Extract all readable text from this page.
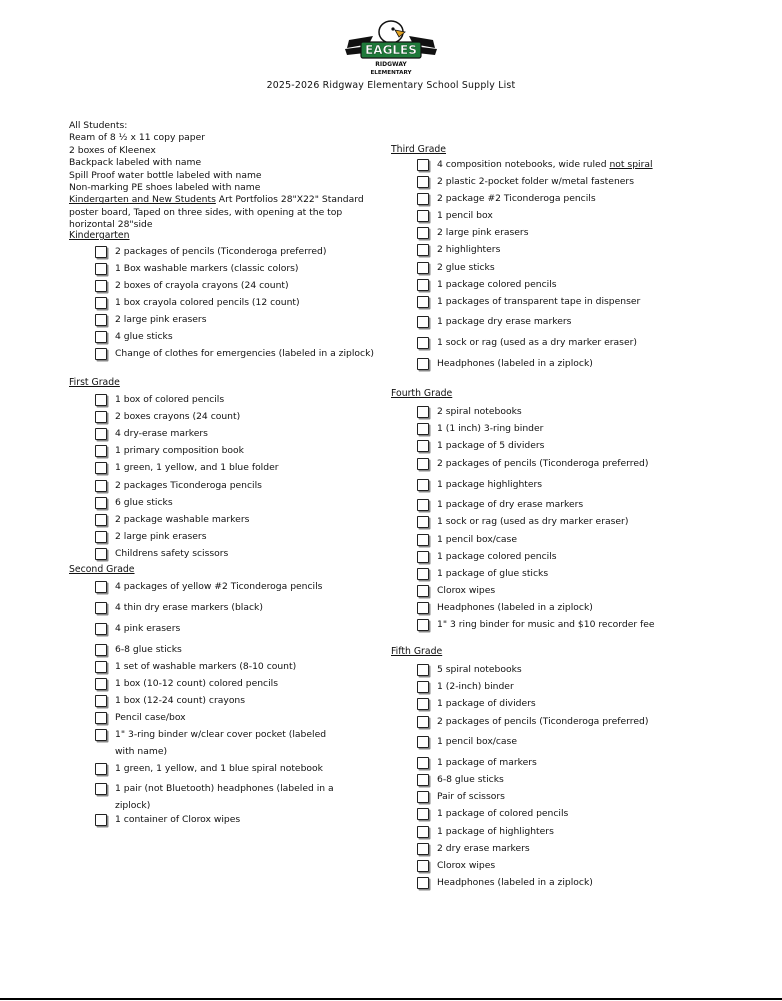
EAGLES
RIDGWAY
ELEMENTARY
2025-2026 Ridgway Elementary School Supply List
All Students:
Ream of 8 ½ x 11 copy paper
2 boxes of Kleenex
Backpack labeled with name
Spill Proof water bottle labeled with name
Non-marking PE shoes labeled with name
Kindergarten and New Students Art Portfolios 28"X22" Standard poster board, Taped on three sides, with opening at the top horizontal 28"side
Kindergarten
2 packages of pencils (Ticonderoga preferred)
1 Box washable markers (classic colors)
2 boxes of crayola crayons (24 count)
1 box crayola colored pencils (12 count)
2 large pink erasers
4 glue sticks
Change of clothes for emergencies (labeled in a ziplock)
First Grade
1 box of colored pencils
2 boxes crayons (24 count)
4 dry-erase markers
1 primary composition book
1 green, 1 yellow, and 1 blue folder
2 packages Ticonderoga pencils
6 glue sticks
2 package washable markers
2 large pink erasers
Childrens safety scissors
Second Grade
4 packages of yellow #2 Ticonderoga pencils
4 thin dry erase markers (black)
4 pink erasers
6-8 glue sticks
1 set of washable markers (8-10 count)
1 box (10-12 count) colored pencils
1 box (12-24 count) crayons
Pencil case/box
1" 3-ring binder w/clear cover pocket (labeled with name)
1 green, 1 yellow, and 1 blue spiral notebook
1 pair (not Bluetooth) headphones (labeled in a ziplock)
1 container of Clorox wipes
Third Grade
4 composition notebooks, wide ruled not spiral
2 plastic 2-pocket folder w/metal fasteners
2 package #2 Ticonderoga pencils
1 pencil box
2 large pink erasers
2 highlighters
2 glue sticks
1 package colored pencils
1 packages of transparent tape in dispenser
1 package dry erase markers
1 sock or rag (used as a dry marker eraser)
Headphones (labeled in a ziplock)
Fourth Grade
2 spiral notebooks
1 (1 inch) 3-ring binder
1 package of 5 dividers
2 packages of pencils (Ticonderoga preferred)
1 package highlighters
1 package of dry erase markers
1 sock or rag (used as dry marker eraser)
1 pencil box/case
1 package colored pencils
1 package of glue sticks
Clorox wipes
Headphones (labeled in a ziplock)
1" 3 ring binder for music and $10 recorder fee
Fifth Grade
5 spiral notebooks
1 (2-inch) binder
1 package of dividers
2 packages of pencils (Ticonderoga preferred)
1 pencil box/case
1 package of markers
6-8 glue sticks
Pair of scissors
1 package of colored pencils
1 package of highlighters
2 dry erase markers
Clorox wipes
Headphones (labeled in a ziplock)
